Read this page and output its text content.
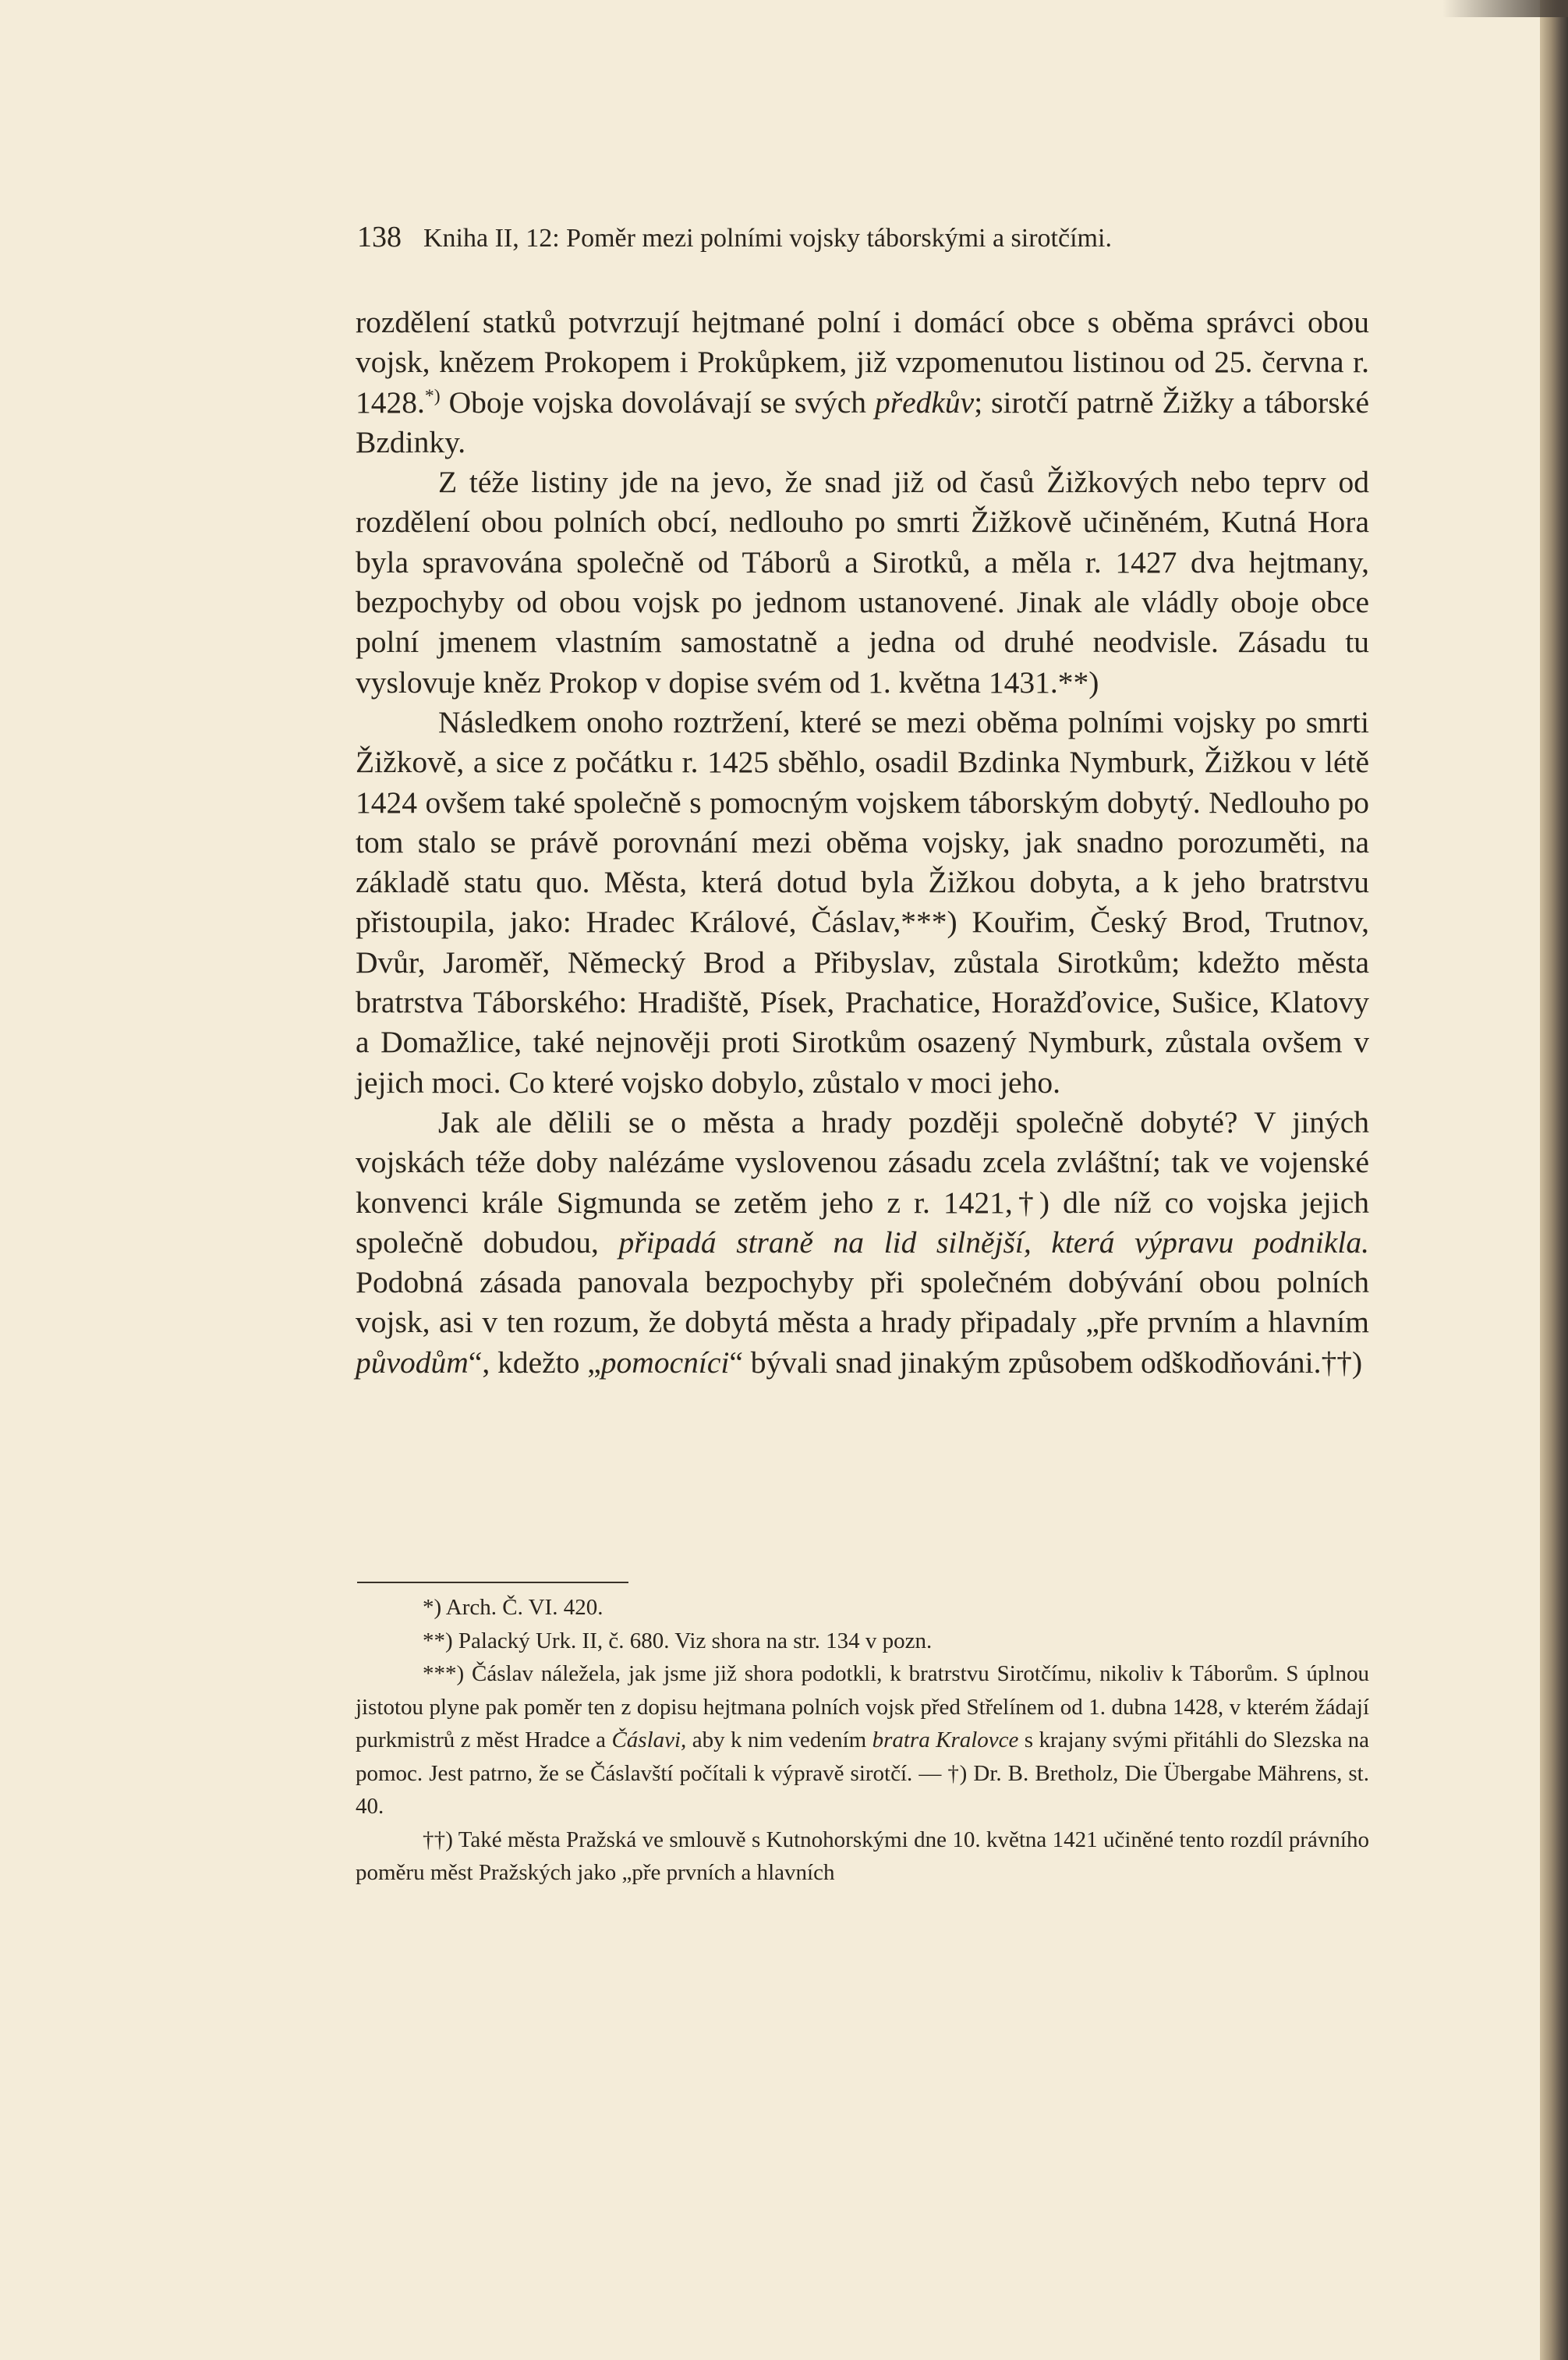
138 Kniha II, 12: Poměr mezi polními vojsky táborskými a sirotčími.

rozdělení statků potvrzují hejtmané polní i domácí obce s oběma správci obou vojsk, knězem Prokopem i Prokůpkem, již vzpomenutou listinou od 25. června r. 1428.*) Oboje vojska dovolávají se svých předkův; sirotčí patrně Žižky a táborské Bzdinky.

Z téže listiny jde na jevo, že snad již od časů Žižkových nebo teprv od rozdělení obou polních obcí, nedlouho po smrti Žižkově učiněném, Kutná Hora byla spravována společně od Táborů a Sirotků, a měla r. 1427 dva hejtmany, bezpochyby od obou vojsk po jednom ustanovené. Jinak ale vládly oboje obce polní jmenem vlastním samostatně a jedna od druhé neodvisle. Zásadu tu vyslovuje kněz Prokop v dopise svém od 1. května 1431.**)

Následkem onoho roztržení, které se mezi oběma polními vojsky po smrti Žižkově, a sice z počátku r. 1425 sběhlo, osadil Bzdinka Nymburk, Žižkou v létě 1424 ovšem také společně s pomocným vojskem táborským dobytý. Nedlouho po tom stalo se právě porovnání mezi oběma vojsky, jak snadno porozuměti, na základě statu quo. Města, která dotud byla Žižkou dobyta, a k jeho bratrstvu přistoupila, jako: Hradec Králové, Čáslav,***) Kouřim, Český Brod, Trutnov, Dvůr, Jaroměř, Německý Brod a Přibyslav, zůstala Sirotkům; kdežto města bratrstva Táborského: Hradiště, Písek, Prachatice, Horažďovice, Sušice, Klatovy a Domažlice, také nejnověji proti Sirotkům osazený Nymburk, zůstala ovšem v jejich moci. Co které vojsko dobylo, zůstalo v moci jeho.

Jak ale dělili se o města a hrady později společně dobyté? V jiných vojskách téže doby nalézáme vyslovenou zásadu zcela zvláštní; tak ve vojenské konvenci krále Sigmunda se zetěm jeho z r. 1421,†) dle níž co vojska jejich společně dobudou, připadá straně na lid silnější, která výpravu podnikla. Podobná zásada panovala bezpochyby při společném dobývání obou polních vojsk, asi v ten rozum, že dobytá města a hrady připadaly „pře prvním a hlavním původům“, kdežto „pomocníci“ bývali snad jinakým způsobem odškodňováni.††)

*) Arch. Č. VI. 420.

**) Palacký Urk. II, č. 680. Viz shora na str. 134 v pozn.

***) Čáslav náležela, jak jsme již shora podotkli, k bratrstvu Sirotčímu, nikoliv k Táborům. S úplnou jistotou plyne pak poměr ten z dopisu hejtmana polních vojsk před Střelínem od 1. dubna 1428, v kterém žádají purkmistrů z měst Hradce a Čáslavi, aby k nim vedením bratra Kralovce s krajany svými přitáhli do Slezska na pomoc. Jest patrno, že se Čáslavští počítali k výpravě sirotčí. — †) Dr. B. Bretholz, Die Übergabe Mährens, st. 40.

††) Také města Pražská ve smlouvě s Kutnohorskými dne 10. května 1421 učiněné tento rozdíl právního poměru měst Pražských jako „pře prvních a hlavních
